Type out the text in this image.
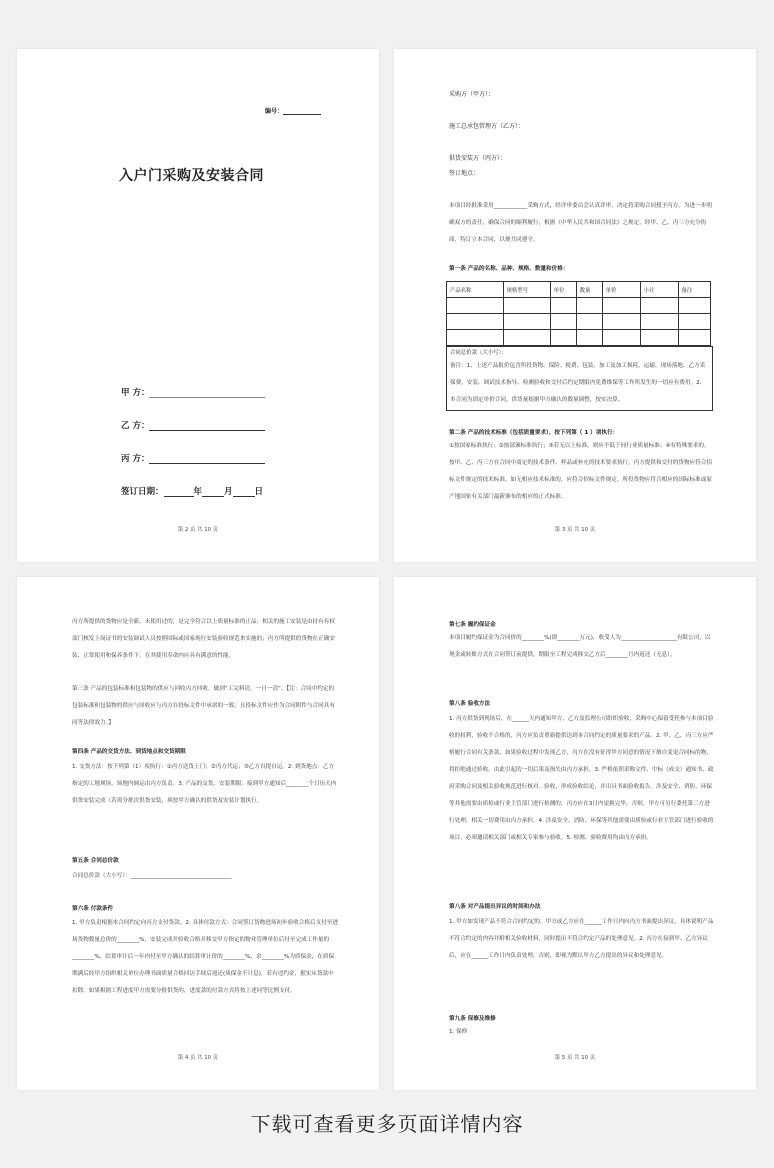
编号：
入户门采购及安装合同
甲 方：
乙 方：
丙 方：
签订日期：	年	月	日
第 2 页 共 10 页
采购方（甲方）：
施工总承包管理方（乙方）：
供货安装方（丙方）：
签订地点：
本项目经批准采用____________采购方式，经评审委员会认真评审，决定将采购合同授予丙方。为进一步明确双方的责任，确保合同的顺利履行，根据《中华人民共和国合同法》之规定，经甲、乙、丙三方充分协商，特订立本合同，以便共同遵守。
第一条 产品的名称、品种、规格、数量和价格：
产品名称	规格型号	单位	数量	单价	小计	备注

合同总价款（大小写）：
备注：1、上述产品报价包含所投货物、保险、税费、包装、加工及加工损耗、运输、现场落地、乙方采保费、安装、调试技术指导、检测验收和交付后约定期限内免费维保等工作所发生的一切应有费用。2、本合同为固定单价合同，供货量根据甲方确认的数量调整，按实决算。
第二条 产品的技术标准（包括质量要求），按下列第（ 1 ）项执行：
①按国家标准执行；②按部颁标准执行；③若无以上标准，则应不低于同行业质量标准；④有特殊要求的，按甲、乙、丙三方在合同中商定的技术条件、样品或补充的技术要求执行。丙方提供和交付的货物应符合招标文件规定的技术标准，如无相应技术标准的，应符合招标文件规定。所投货物应符合相应的国际标准或原产地国家有关部门最新颁布的相应的正式标准。
第 3 页 共 10 页
丙方所提供的货物应是全新、未使用过的，是完全符合以上质量标准的正品；相关的施工安装是由持有有权部门核发上岗证书的安装调试人员按照国际或国家现行安装验收规范来实施的；丙方所提供的货物在正确安装、正常使用和保养条件下，在其使用寿命内应具有满意的性能。
第三条 产品的包装标准和包装物的供应与回收丙方回收，做到“工完料清，一日一清”。【注：合同中约定的包装标准和包装物的供应与回收应与丙方在投标文件中承诺的一致，且投标文件应作为合同附件与合同具有同等法律效力。】
第四条 产品的交货方法、到货地点和交货期限
1. 交货方法：按下列第（1）项执行：①丙方送货上门；②丙方代运；③乙方自提自运。2. 到货地点：乙方指定的工地现场，场地内调运由丙方负责。3. 产品的交货、安装期限：接到甲方通知后________个日历天内供货安装完成（若需分批次供货安装，须按甲方确认的供货及安装计划执行。
第五条 合同总价款
合同总价款（大小写）：____________________________________
第六条 付款条件
1. 甲方负责根据本合同约定向丙方支付货款。2. 具体付款方式：合同签订货物进场初步验收合格后支付至进场货物数量总价的________%，安装完成并验收合格并移交甲方指定的物业管理单位后付至完成工作量的________%，结算审计后一年内付至甲方确认的结算审计价的________%，余________%为质保金，在质保期满后经甲方组织相关单位办理书面质量合格回访手续后返还(质保金不计息)，若有违约金，据实从货款中扣除。如果根据工程进度甲方需要分批供货的，进度款的付款方式将按上述同等比例支付。
第 4 页 共 10 页
第七条 履约保证金
本项目履约保证金为合同价的________%(即________万元)，收受人为____________________有限公司，以现金或转账方式在合同签订前提供，期限至工程完成移交乙方后________月内返还（无息）。
第八条 验收方法
1. 丙方供货到现场后，在______天内通知甲方、乙方及监理公司组织验收，采购中心保留受托参与本项目验收的权利，验收不合格的，丙方应负责重新提供达到本合同约定的质量要求的产品。2. 甲、乙、丙三方应严格履行合同有关条款，如果验收过程中发现乙方、丙方在没有征得甲方同意的情况下擅自变更合同标的物，将拒绝通过验收，由此引起的一切后果及损失由丙方承担。3. 严格依照采购文件、中标（成交）通知书、政府采购合同及相关验收规范进行核对、验收，形成验收结论，并出具书面验收报告。涉及安全、消防、环保等其他需要由质检或行业主管部门进行检测的，丙方应在3日内更换完毕，否则，甲方可另行委托第三方进行处理，相关一切费用由丙方承担。4. 涉及安全、消防、环保等其他需要由质检或行业主管部门进行验收的项目，必须邀请相关部门或相关专家参与验收。5. 检测、验收费用均由丙方承担。
第八条 对产品提出异议的时间和办法
1. 甲方如发现产品不符合合同约定的，甲方或乙方应在______工作日内向丙方书面提出异议，具体说明产品不符合约定的内容并附相关验收材料，同时提出不符合约定产品的处理意见。2. 丙方在接到甲、乙方异议后，应在______工作日内负责处理，否则，即视为默认甲方乙方提出的异议和处理意见。
第九条 保修及维修
1. 保修
第 5 页 共 10 页
下载可查看更多页面详情内容
